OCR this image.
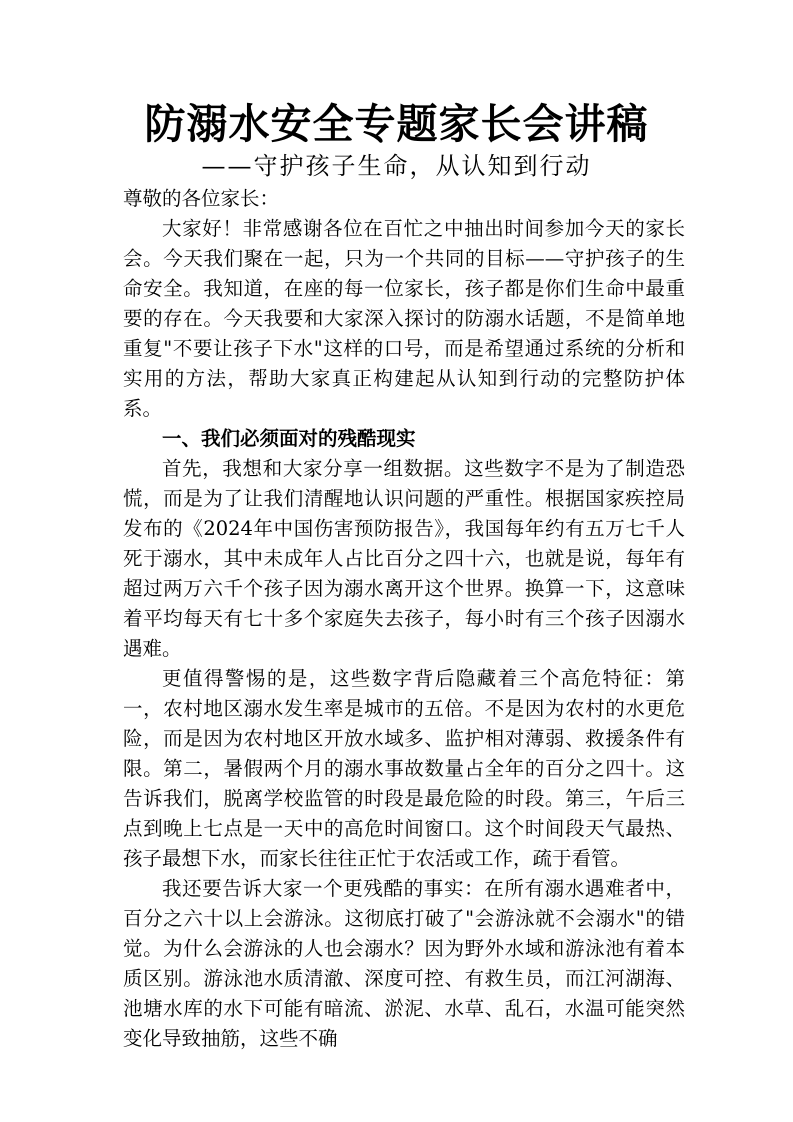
防溺水安全专题家长会讲稿
——守护孩子生命，从认知到行动

尊敬的各位家长：

大家好！非常感谢各位在百忙之中抽出时间参加今天的家长会。今天我们聚在一起，只为一个共同的目标——守护孩子的生命安全。我知道，在座的每一位家长，孩子都是你们生命中最重要的存在。今天我要和大家深入探讨的防溺水话题，不是简单地重复"不要让孩子下水"这样的口号，而是希望通过系统的分析和实用的方法，帮助大家真正构建起从认知到行动的完整防护体系。

一、我们必须面对的残酷现实

首先，我想和大家分享一组数据。这些数字不是为了制造恐慌，而是为了让我们清醒地认识问题的严重性。根据国家疾控局发布的《2024年中国伤害预防报告》，我国每年约有五万七千人死于溺水，其中未成年人占比百分之四十六，也就是说，每年有超过两万六千个孩子因为溺水离开这个世界。换算一下，这意味着平均每天有七十多个家庭失去孩子，每小时有三个孩子因溺水遇难。

更值得警惕的是，这些数字背后隐藏着三个高危特征：第一，农村地区溺水发生率是城市的五倍。不是因为农村的水更危险，而是因为农村地区开放水域多、监护相对薄弱、救援条件有限。第二，暑假两个月的溺水事故数量占全年的百分之四十。这告诉我们，脱离学校监管的时段是最危险的时段。第三，午后三点到晚上七点是一天中的高危时间窗口。这个时间段天气最热、孩子最想下水，而家长往往正忙于农活或工作，疏于看管。

我还要告诉大家一个更残酷的事实：在所有溺水遇难者中，百分之六十以上会游泳。这彻底打破了"会游泳就不会溺水"的错觉。为什么会游泳的人也会溺水？因为野外水域和游泳池有着本质区别。游泳池水质清澈、深度可控、有救生员，而江河湖海、池塘水库的水下可能有暗流、淤泥、水草、乱石，水温可能突然变化导致抽筋，这些不确
